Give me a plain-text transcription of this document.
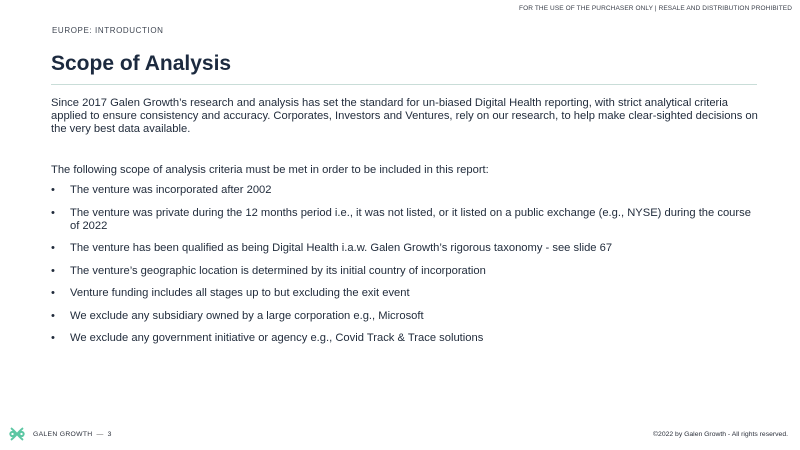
FOR THE USE OF THE PURCHASER ONLY | RESALE AND DISTRIBUTION PROHIBITED
EUROPE: INTRODUCTION
Scope of Analysis

Since 2017 Galen Growth’s research and analysis has set the standard for un-biased Digital Health reporting, with strict analytical criteria applied to ensure consistency and accuracy. Corporates, Investors and Ventures, rely on our research, to help make clear-sighted decisions on the very best data available.

The following scope of analysis criteria must be met in order to be included in this report:

• The venture was incorporated after 2002
• The venture was private during the 12 months period i.e., it was not listed, or it listed on a public exchange (e.g., NYSE) during the course of 2022
• The venture has been qualified as being Digital Health i.a.w. Galen Growth’s rigorous taxonomy - see slide 67
• The venture’s geographic location is determined by its initial country of incorporation
• Venture funding includes all stages up to but excluding the exit event
• We exclude any subsidiary owned by a large corporation e.g., Microsoft
• We exclude any government initiative or agency e.g., Covid Track & Trace solutions
GALEN GROWTH — 3	©2022 by Galen Growth - All rights reserved.
